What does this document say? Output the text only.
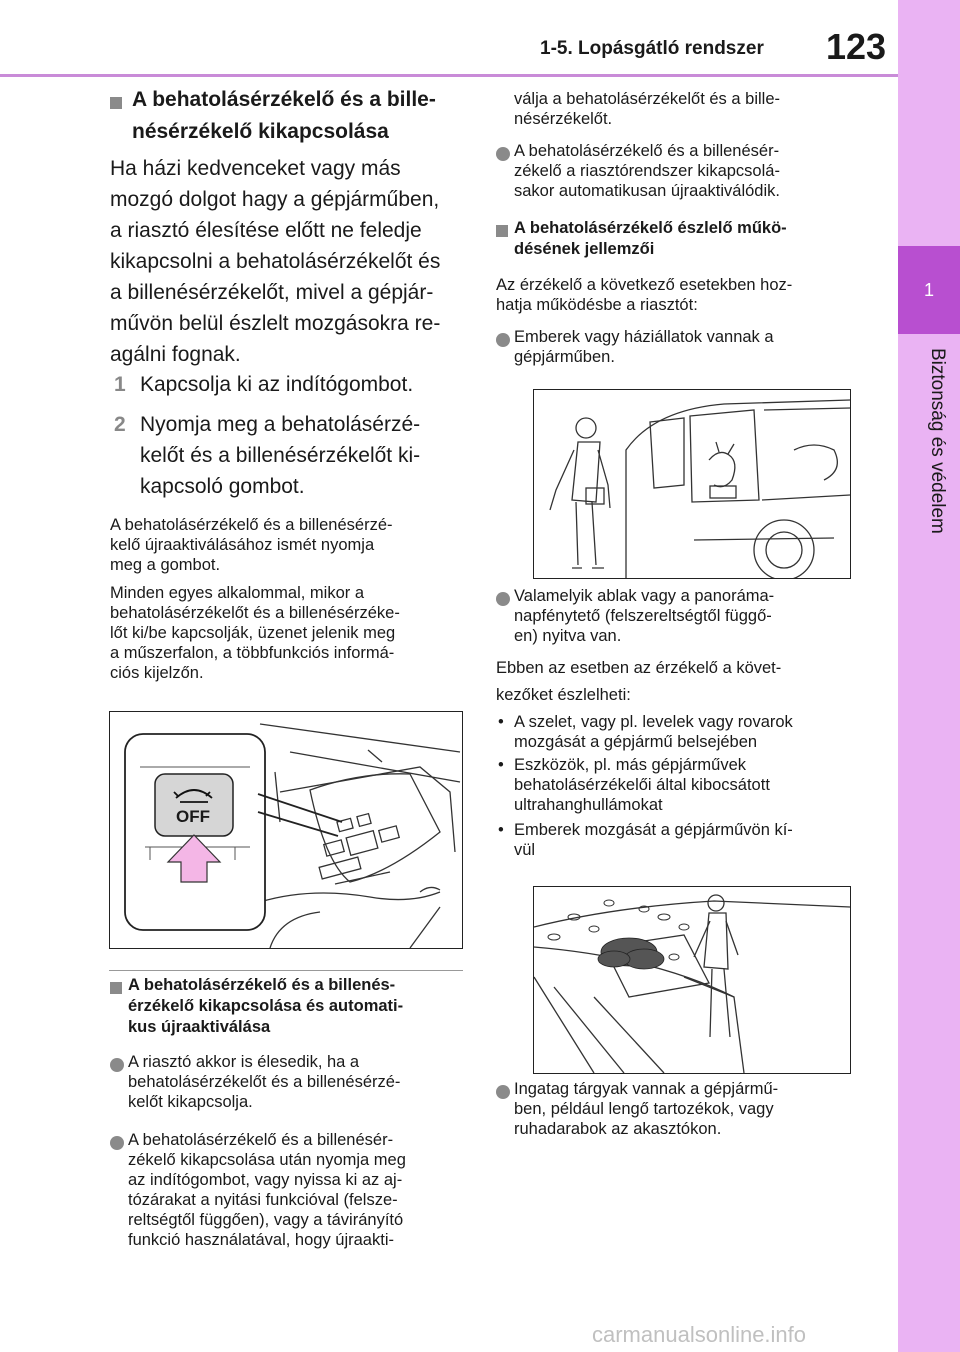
1-5. Lopásgátló rendszer 123
1
Biztonság és védelem
A behatolásérzékelő és a bille-
nésérzékelő kikapcsolása
Ha házi kedvenceket vagy más
mozgó dolgot hagy a gépjárműben,
a riasztó élesítése előtt ne feledje
kikapcsolni a behatolásérzékelőt és
a billenésérzékelőt, mivel a gépjár-
művön belül észlelt mozgásokra re-
agálni fognak.
1 Kapcsolja ki az indítógombot.
2 Nyomja meg a behatolásérzé-
kelőt és a billenésérzékelőt ki-
kapcsoló gombot.
A behatolásérzékelő és a billenésérzé-
kelő újraaktiválásához ismét nyomja
meg a gombot.
Minden egyes alkalommal, mikor a
behatolásérzékelőt és a billenésérzéke-
lőt ki/be kapcsolják, üzenet jelenik meg
a műszerfalon, a többfunkciós informá-
ciós kijelzőn.
OFF
A behatolásérzékelő és a billenés-
érzékelő kikapcsolása és automati-
kus újraaktiválása
A riasztó akkor is élesedik, ha a
behatolásérzékelőt és a billenésérzé-
kelőt kikapcsolja.
A behatolásérzékelő és a billenésér-
zékelő kikapcsolása után nyomja meg
az indítógombot, vagy nyissa ki az aj-
tózárakat a nyitási funkcióval (felsze-
reltségtől függően), vagy a távirányító
funkció használatával, hogy újraakti-
válja a behatolásérzékelőt és a bille-
nésérzékelőt.
A behatolásérzékelő és a billenésér-
zékelő a riasztórendszer kikapcsolá-
sakor automatikusan újraaktiválódik.
A behatolásérzékelő észlelő műkö-
désének jellemzői
Az érzékelő a következő esetekben hoz-
hatja működésbe a riasztót:
Emberek vagy háziállatok vannak a
gépjárműben.
Valamelyik ablak vagy a panoráma-
napfénytető (felszereltségtől függő-
en) nyitva van.
Ebben az esetben az érzékelő a követ-
kezőket észlelheti:
• A szelet, vagy pl. levelek vagy rovarok
mozgását a gépjármű belsejében
• Eszközök, pl. más gépjárművek
behatolásérzékelői által kibocsátott
ultrahanghullámokat
• Emberek mozgását a gépjárművön kí-
vül
Ingatag tárgyak vannak a gépjármű-
ben, például lengő tartozékok, vagy
ruhadarabok az akasztókon.
carmanualsonline.info
